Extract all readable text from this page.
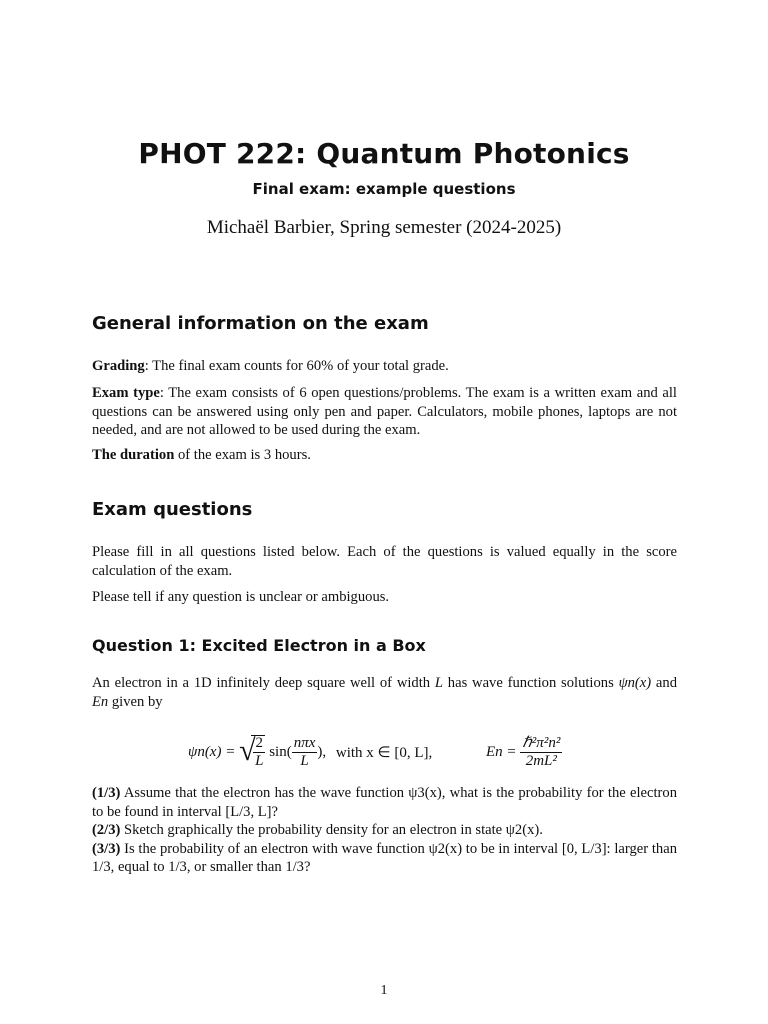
PHOT 222: Quantum Photonics
Final exam: example questions
Michaël Barbier, Spring semester (2024-2025)
General information on the exam
Grading: The final exam counts for 60% of your total grade.
Exam type: The exam consists of 6 open questions/problems. The exam is a written exam and all questions can be answered using only pen and paper. Calculators, mobile phones, laptops are not needed, and are not allowed to be used during the exam.
The duration of the exam is 3 hours.
Exam questions
Please fill in all questions listed below. Each of the questions is valued equally in the score calculation of the exam.
Please tell if any question is unclear or ambiguous.
Question 1: Excited Electron in a Box
An electron in a 1D infinitely deep square well of width L has wave function solutions ψn(x) and En given by
ψn(x) = √
$\frac{2}{L} \sin( \frac{\text{nπx}}{L}$ ), with x ∈ [0, L],	$En = \frac{\text{ℏ²π²n²}}{\text{2mL²}}$
(1/3) Assume that the electron has the wave function ψ3(x), what is the probability for the electron to be found in interval [L/3, L]?
(2/3) Sketch graphically the probability density for an electron in state ψ2(x).
(3/3) Is the probability of an electron with wave function ψ2(x) to be in interval [0, L/3]: larger than 1/3, equal to 1/3, or smaller than 1/3?
1
